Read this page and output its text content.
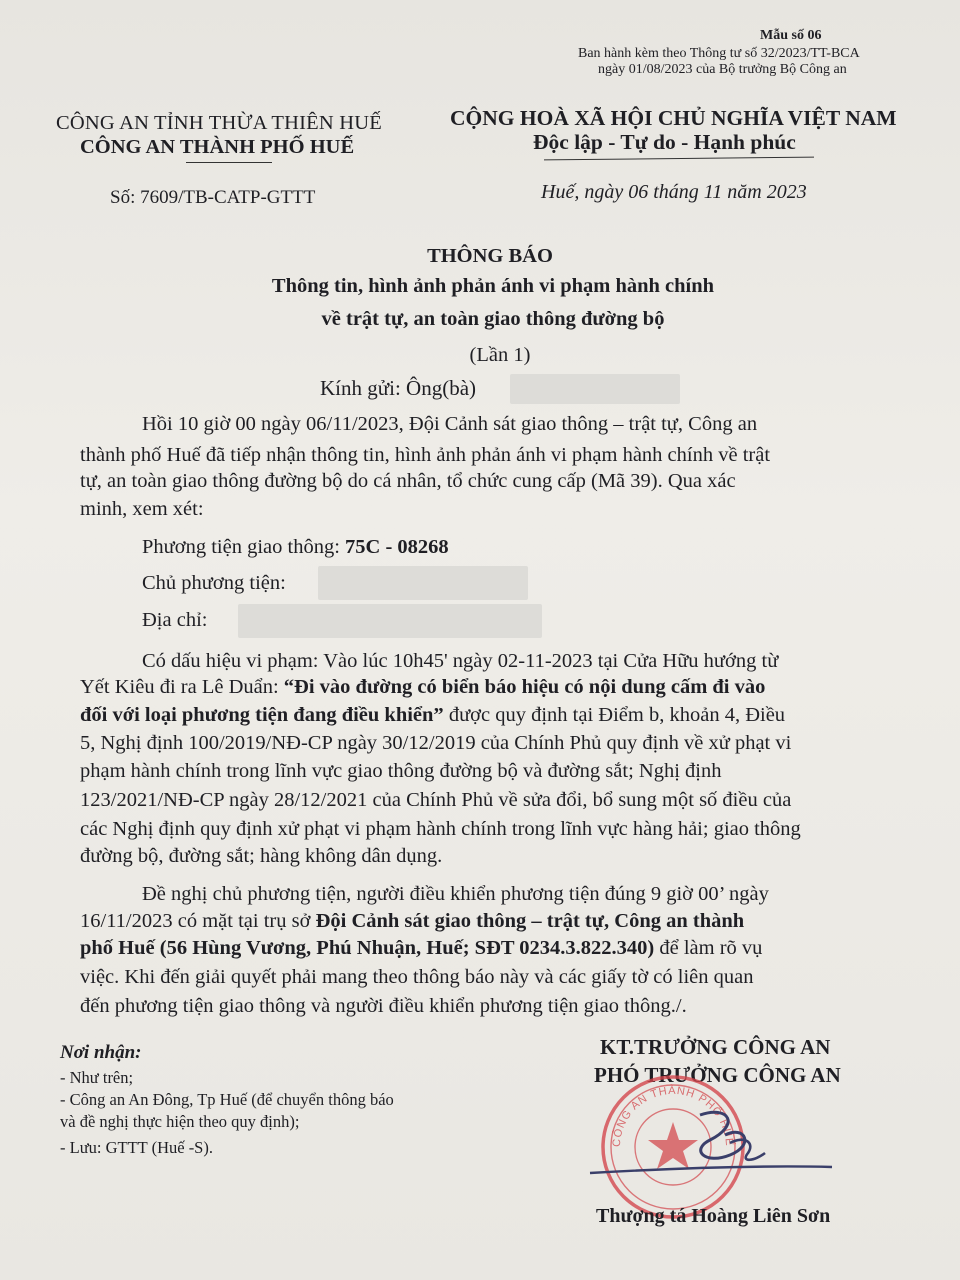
Mẫu số 06
Ban hành kèm theo Thông tư số 32/2023/TT-BCA
ngày 01/08/2023 của Bộ trưởng Bộ Công an
CÔNG AN TỈNH THỪA THIÊN HUẾ
CÔNG AN THÀNH PHỐ HUẾ
CỘNG HOÀ XÃ HỘI CHỦ NGHĨA VIỆT NAM
Độc lập - Tự do - Hạnh phúc
Số: 7609/TB-CATP-GTTT	Huế, ngày 06 tháng 11 năm 2023
THÔNG BÁO
Thông tin, hình ảnh phản ánh vi phạm hành chính
về trật tự, an toàn giao thông đường bộ
(Lần 1)
Kính gửi: Ông(bà)
Hồi 10 giờ 00 ngày 06/11/2023, Đội Cảnh sát giao thông – trật tự, Công an
thành phố Huế đã tiếp nhận thông tin, hình ảnh phản ánh vi phạm hành chính về trật
tự, an toàn giao thông đường bộ do cá nhân, tổ chức cung cấp (Mã 39). Qua xác
minh, xem xét:
Phương tiện giao thông: 75C - 08268
Chủ phương tiện:
Địa chỉ:
Có dấu hiệu vi phạm: Vào lúc 10h45' ngày 02-11-2023 tại Cửa Hữu hướng từ
Yết Kiêu đi ra Lê Duẩn: “Đi vào đường có biển báo hiệu có nội dung cấm đi vào
đối với loại phương tiện đang điều khiển” được quy định tại Điểm b, khoản 4, Điều
5, Nghị định 100/2019/NĐ-CP ngày 30/12/2019 của Chính Phủ quy định về xử phạt vi
phạm hành chính trong lĩnh vực giao thông đường bộ và đường sắt; Nghị định
123/2021/NĐ-CP ngày 28/12/2021 của Chính Phủ về sửa đổi, bổ sung một số điều của
các Nghị định quy định xử phạt vi phạm hành chính trong lĩnh vực hàng hải; giao thông
đường bộ, đường sắt; hàng không dân dụng.
Đề nghị chủ phương tiện, người điều khiển phương tiện đúng 9 giờ 00’ ngày
16/11/2023 có mặt tại trụ sở Đội Cảnh sát giao thông – trật tự, Công an thành
phố Huế (56 Hùng Vương, Phú Nhuận, Huế; SĐT 0234.3.822.340) để làm rõ vụ
việc. Khi đến giải quyết phải mang theo thông báo này và các giấy tờ có liên quan
đến phương tiện giao thông và người điều khiển phương tiện giao thông./.
Nơi nhận:
- Như trên;
- Công an An Đông, Tp Huế (để chuyển thông báo
và đề nghị thực hiện theo quy định);
- Lưu: GTTT (Huế -S).
KT.TRƯỞNG CÔNG AN
PHÓ TRƯỞNG CÔNG AN
CÔNG AN THÀNH PHỐ HUẾ
Thượng tá Hoàng Liên Sơn
